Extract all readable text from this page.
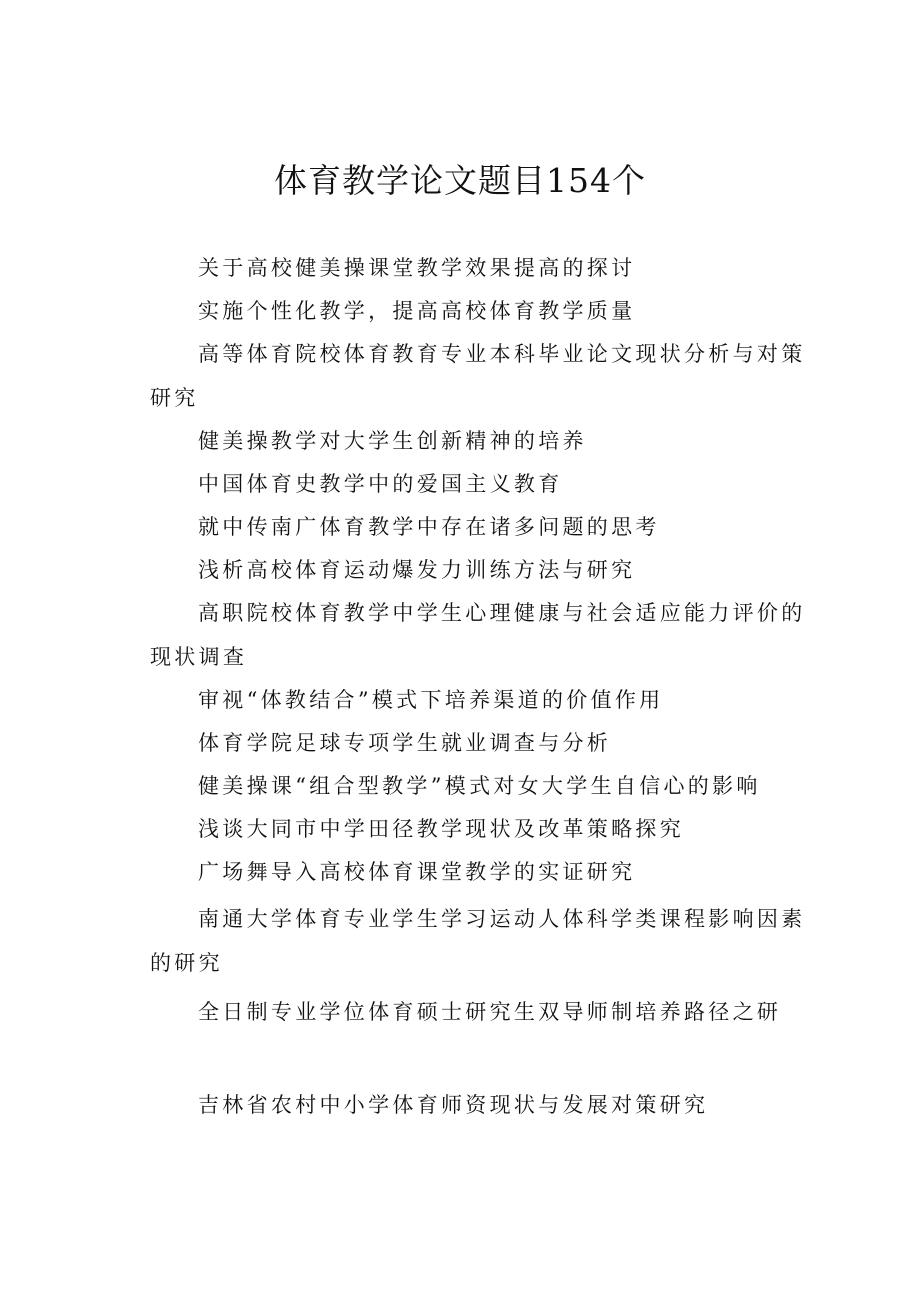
体育教学论文题目154个

关于高校健美操课堂教学效果提高的探讨

实施个性化教学，提高高校体育教学质量

高等体育院校体育教育专业本科毕业论文现状分析与对策研究

健美操教学对大学生创新精神的培养

中国体育史教学中的爱国主义教育

就中传南广体育教学中存在诸多问题的思考

浅析高校体育运动爆发力训练方法与研究

高职院校体育教学中学生心理健康与社会适应能力评价的现状调查

审视“体教结合”模式下培养渠道的价值作用

体育学院足球专项学生就业调查与分析

健美操课“组合型教学”模式对女大学生自信心的影响

浅谈大同市中学田径教学现状及改革策略探究

广场舞导入高校体育课堂教学的实证研究

南通大学体育专业学生学习运动人体科学类课程影响因素的研究

全日制专业学位体育硕士研究生双导师制培养路径之研

吉林省农村中小学体育师资现状与发展对策研究
